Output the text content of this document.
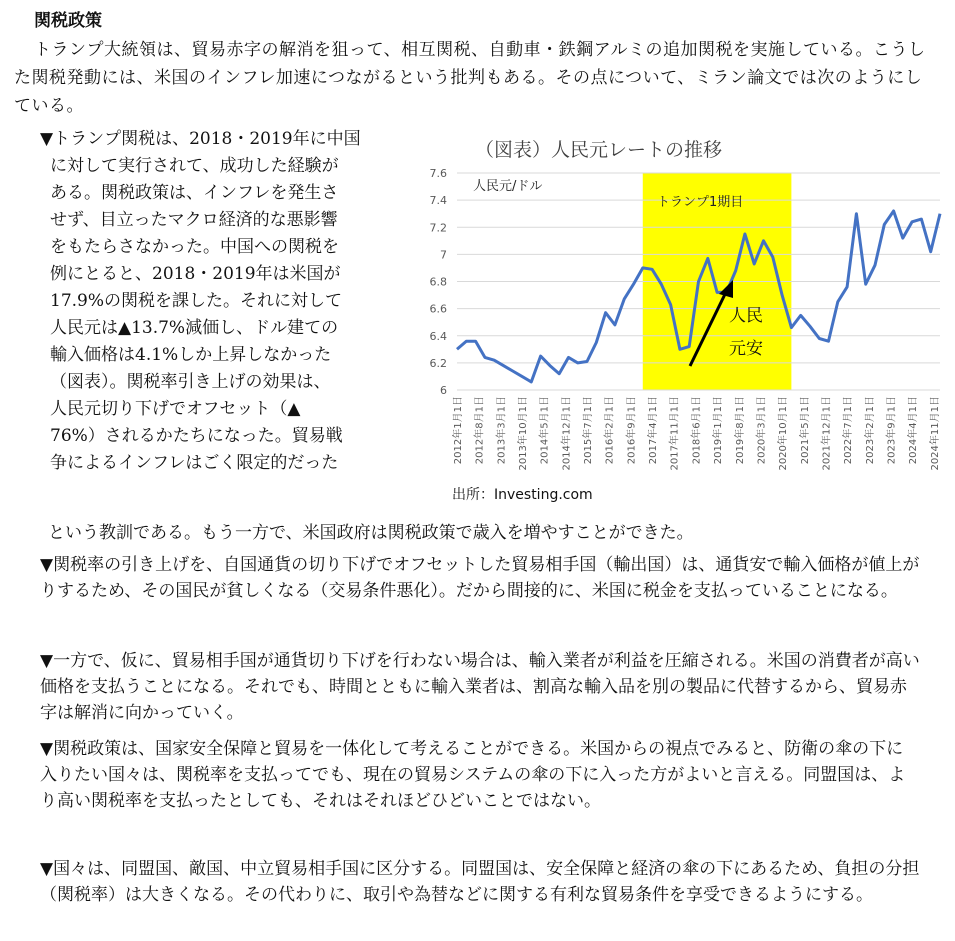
関税政策
トランプ大統領は、貿易赤字の解消を狙って、相互関税、自動車・鉄鋼アルミの追加関税を実施している。こうした関税発動には、米国のインフレ加速につながるという批判もある。その点について、ミラン論文では次のようにしている。
▼トランプ関税は、2018・2019年に中国
に対して実行されて、成功した経験が
ある。関税政策は、インフレを発生さ
せず、目立ったマクロ経済的な悪影響
をもたらさなかった。中国への関税を
例にとると、2018・2019年は米国が
17.9%の関税を課した。それに対して
人民元は▲13.7%減価し、ドル建ての
輸入価格は4.1%しか上昇しなかった
（図表）。関税率引き上げの効果は、
人民元切り下げでオフセット（▲
76%）されるかたちになった。貿易戦
争によるインフレはごく限定的だった
という教訓である。もう一方で、米国政府は関税政策で歳入を増やすことができた。
▼関税率の引き上げを、自国通貨の切り下げでオフセットした貿易相手国（輸出国）は、通貨安で輸入価格が値上がりするため、その国民が貧しくなる（交易条件悪化）。だから間接的に、米国に税金を支払っていることになる。
▼一方で、仮に、貿易相手国が通貨切り下げを行わない場合は、輸入業者が利益を圧縮される。米国の消費者が高い価格を支払うことになる。それでも、時間とともに輸入業者は、割高な輸入品を別の製品に代替するから、貿易赤字は解消に向かっていく。
▼関税政策は、国家安全保障と貿易を一体化して考えることができる。米国からの視点でみると、防衛の傘の下に入りたい国々は、関税率を支払ってでも、現在の貿易システムの傘の下に入った方がよいと言える。同盟国は、より高い関税率を支払ったとしても、それはそれほどひどいことではない。
▼国々は、同盟国、敵国、中立貿易相手国に区分する。同盟国は、安全保障と経済の傘の下にあるため、負担の分担（関税率）は大きくなる。その代わりに、取引や為替などに関する有利な貿易条件を享受できるようにする。
6
6.2
6.4
6.6
6.8
7
7.2
7.4
7.6
（図表）人民元レートの推移
人民元/ドル
トランプ1期目
2012年1月1日 2012年8月1日 2013年3月1日 2013年10月1日 2014年5月1日 2014年12月1日 2015年7月1日 2016年2月1日 2016年9月1日 2017年4月1日 2017年11月1日 2018年6月1日 2019年1月1日 2019年8月1日 2020年3月1日 2020年10月1日 2021年5月1日 2021年12月1日 2022年7月1日 2023年2月1日 2023年9月1日 2024年4月1日 2024年11月1日
人民
元安
出所：Investing.com
